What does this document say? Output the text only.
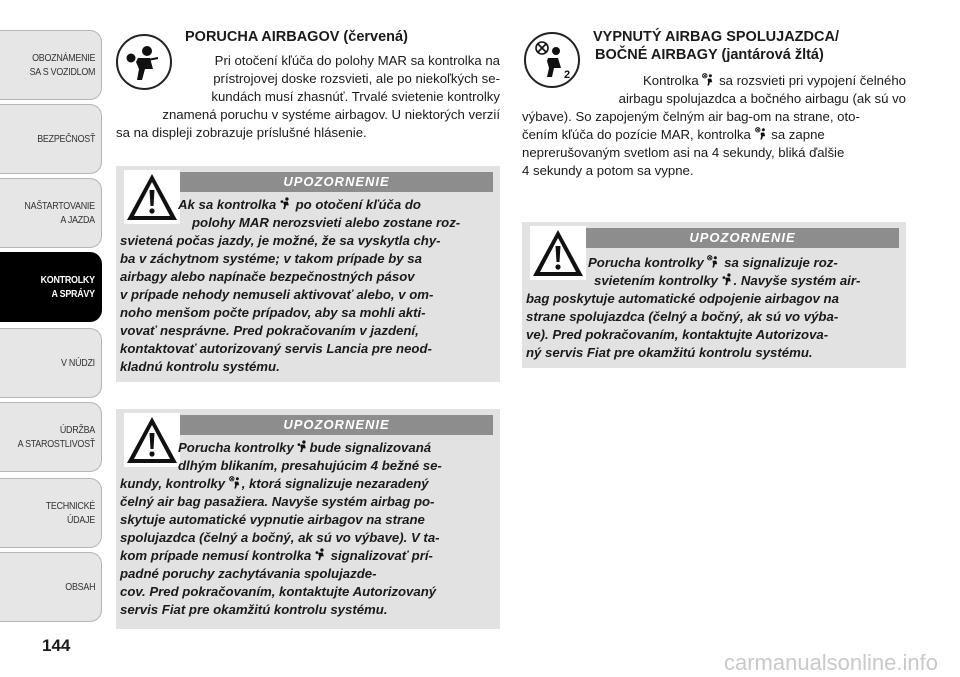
OBOZNÁMENIE
SA S VOZIDLOM
BEZPEČNOSŤ
NAŠTARTOVANIE
A JAZDA
KONTROLKY
A SPRÁVY
V NÚDZI
ÚDRŽBA
A STAROSTLIVOSŤ
TECHNICKÉ
ÚDAJE
OBSAH
144
carmanualsonline.info
PORUCHA AIRBAGOV (červená)
Pri otočení kľúča do polohy MAR sa kontrolka na
prístrojovej doske rozsvieti, ale po niekoľkých se-
kundách musí zhasnúť. Trvalé svietenie kontrolky
znamená poruchu v systéme airbagov. U niektorých verzií
sa na displeji zobrazuje príslušné hlásenie.
UPOZORNENIE
Ak sa kontrolka po otočení kľúča do
polohy MAR nerozsvieti alebo zostane roz-
svietená počas jazdy, je možné, že sa vyskytla chy-
ba v záchytnom systéme; v takom prípade by sa
airbagy alebo napínače bezpečnostných pásov
v prípade nehody nemuseli aktivovať alebo, v om-
noho menšom počte prípadov, aby sa mohli akti-
vovať nesprávne. Pred pokračovaním v jazdení,
kontaktovať autorizovaný servis Lancia pre neod-
kladnú kontrolu systému.
UPOZORNENIE
Porucha kontrolky bude signalizovaná
dlhým blikaním, presahujúcim 4 bežné se-
kundy, kontrolky , ktorá signalizuje nezaradený
čelný air bag pasažiera. Navyše systém airbag po-
skytuje automatické vypnutie airbagov na strane
spolujazdca (čelný a bočný, ak sú vo výbave). V ta-
kom prípade nemusí kontrolka signalizovať prí-
padné poruchy zachytávania spolujazde-
cov. Pred pokračovaním, kontaktujte Autorizovaný
servis Fiat pre okamžitú kontrolu systému.
2
VYPNUTÝ AIRBAG SPOLUJAZDCA/
BOČNÉ AIRBAGY (jantárová žltá)
Kontrolka sa rozsvieti pri vypojení čelného
airbagu spolujazdca a bočného airbagu (ak sú vo
výbave). So zapojeným čelným air bag-om na strane, oto-
čením kľúča do pozície MAR, kontrolka sa zapne
neprerušovaným svetlom asi na 4 sekundy, bliká ďalšie
4 sekundy a potom sa vypne.
UPOZORNENIE
Porucha kontrolky sa signalizuje roz-
svietením kontrolky . Navyše systém air-
bag poskytuje automatické odpojenie airbagov na
strane spolujazdca (čelný a bočný, ak sú vo výba-
ve). Pred pokračovaním, kontaktujte Autorizova-
ný servis Fiat pre okamžitú kontrolu systému.
